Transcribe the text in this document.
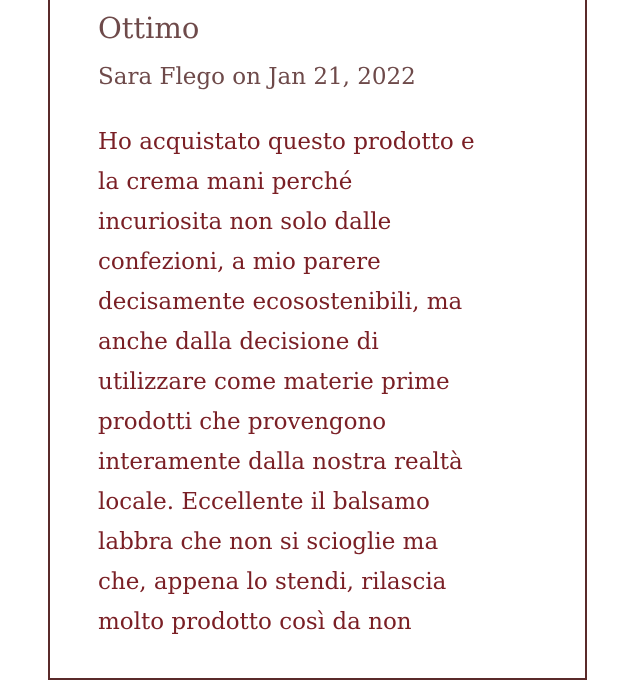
Ottimo
Sara Flego on Jan 21, 2022
Ho acquistato questo prodotto e
la crema mani perché
incuriosita non solo dalle
confezioni, a mio parere
decisamente ecosostenibili, ma
anche dalla decisione di
utilizzare come materie prime
prodotti che provengono
interamente dalla nostra realtà
locale. Eccellente il balsamo
labbra che non si scioglie ma
che, appena lo stendi, rilascia
molto prodotto così da non
